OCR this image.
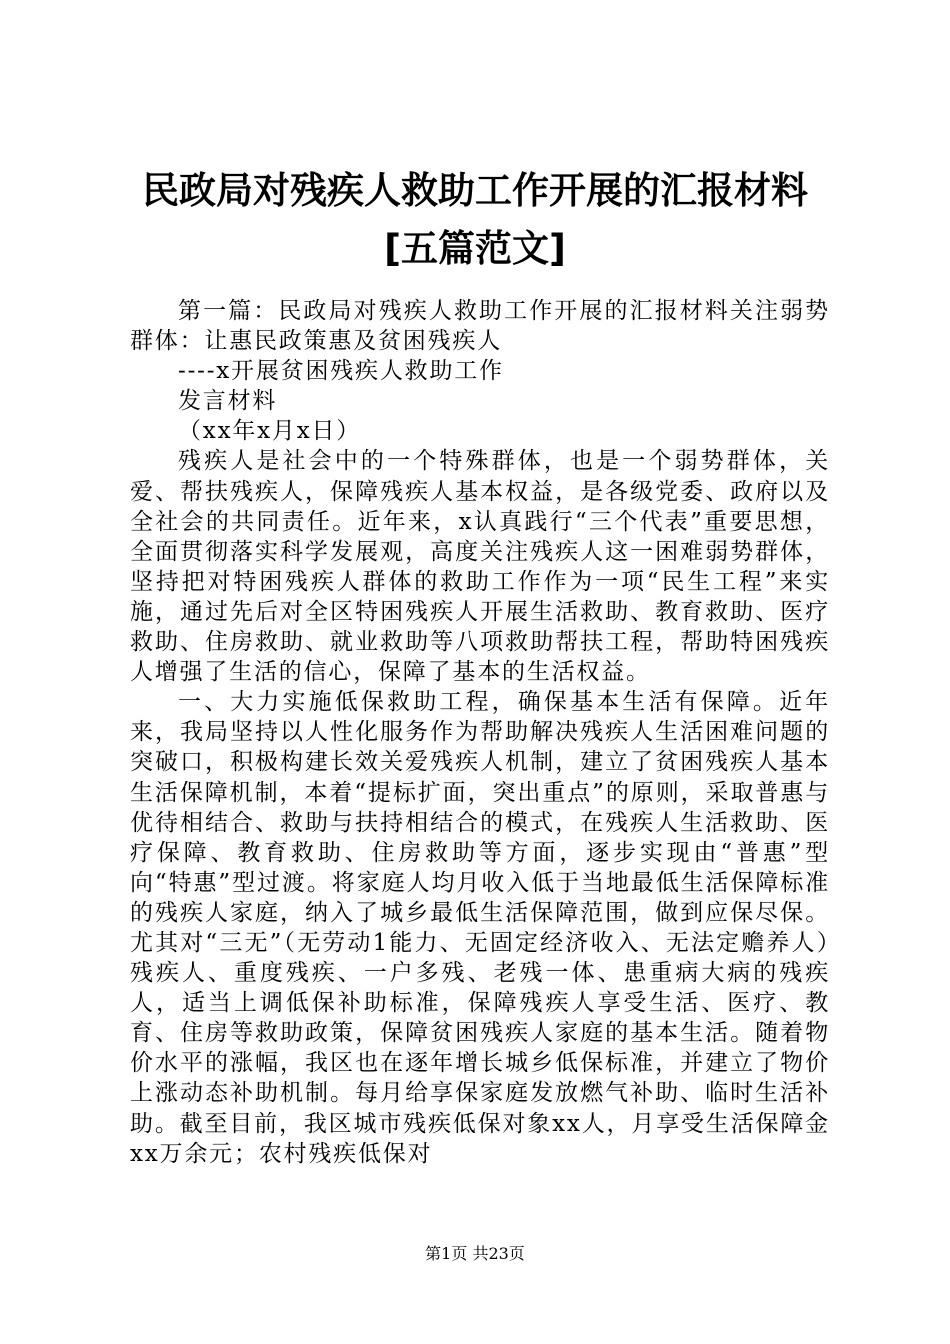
民政局对残疾人救助工作开展的汇报材料[五篇范文]

第一篇：民政局对残疾人救助工作开展的汇报材料关注弱势群体：让惠民政策惠及贫困残疾人

----x开展贫困残疾人救助工作

发言材料

（xx年x月x日）

残疾人是社会中的一个特殊群体，也是一个弱势群体，关爱、帮扶残疾人，保障残疾人基本权益，是各级党委、政府以及全社会的共同责任。近年来，x认真践行“三个代表”重要思想，全面贯彻落实科学发展观，高度关注残疾人这一困难弱势群体，坚持把对特困残疾人群体的救助工作作为一项“民生工程”来实施，通过先后对全区特困残疾人开展生活救助、教育救助、医疗救助、住房救助、就业救助等八项救助帮扶工程，帮助特困残疾人增强了生活的信心，保障了基本的生活权益。

一、大力实施低保救助工程，确保基本生活有保障。近年来，我局坚持以人性化服务作为帮助解决残疾人生活困难问题的突破口，积极构建长效关爱残疾人机制，建立了贫困残疾人基本生活保障机制，本着“提标扩面，突出重点”的原则，采取普惠与优待相结合、救助与扶持相结合的模式，在残疾人生活救助、医疗保障、教育救助、住房救助等方面，逐步实现由“普惠”型向“特惠”型过渡。将家庭人均月收入低于当地最低生活保障标准的残疾人家庭，纳入了城乡最低生活保障范围，做到应保尽保。尤其对“三无”（无劳动1能力、无固定经济收入、无法定赡养人）残疾人、重度残疾、一户多残、老残一体、患重病大病的残疾人，适当上调低保补助标准，保障残疾人享受生活、医疗、教育、住房等救助政策，保障贫困残疾人家庭的基本生活。随着物价水平的涨幅，我区也在逐年增长城乡低保标准，并建立了物价上涨动态补助机制。每月给享保家庭发放燃气补助、临时生活补助。截至目前，我区城市残疾低保对象xx人，月享受生活保障金xx万余元；农村残疾低保对

第1页 共23页
